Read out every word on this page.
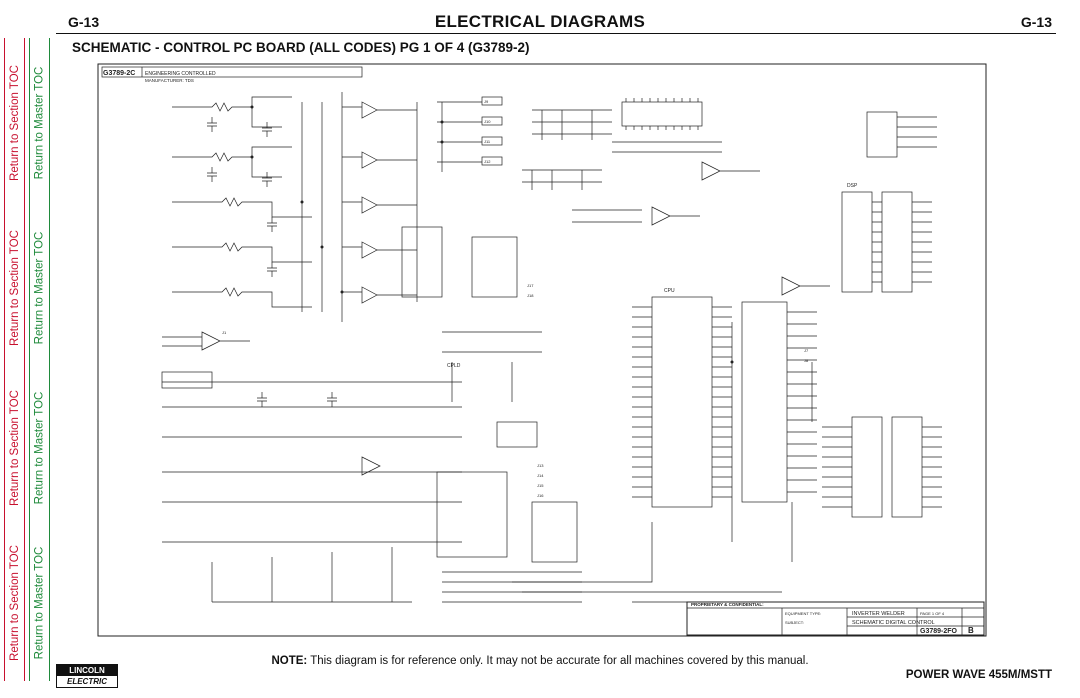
Return to Section TOC
Return to Section TOC
Return to Section TOC
Return to Section TOC
Return to Master TOC
Return to Master TOC
Return to Master TOC
Return to Master TOC
G-13	ELECTRICAL DIAGRAMS	G-13
SCHEMATIC - CONTROL PC BOARD (ALL CODES) PG 1 OF 4 (G3789-2)
G3789-2C ENGINEERING CONTROLLED
MANUFACTURER: TDS
CPLD
CPU
DSP
J9
J10
J11
J12
J13
J14
J15
J16
J17
J18
J7
J8
J1
PROPRIETARY & CONFIDENTIAL:
EQUIPMENT TYPE:	INVERTER WELDER
SUBJECT:	SCHEMATIC DIGITAL CONTROL
PAGE 1 OF 4
G3789-2FO B
NOTE: This diagram is for reference only. It may not be accurate for all machines covered by this manual.
LINCOLN
ELECTRIC
POWER WAVE 455M/MSTT
